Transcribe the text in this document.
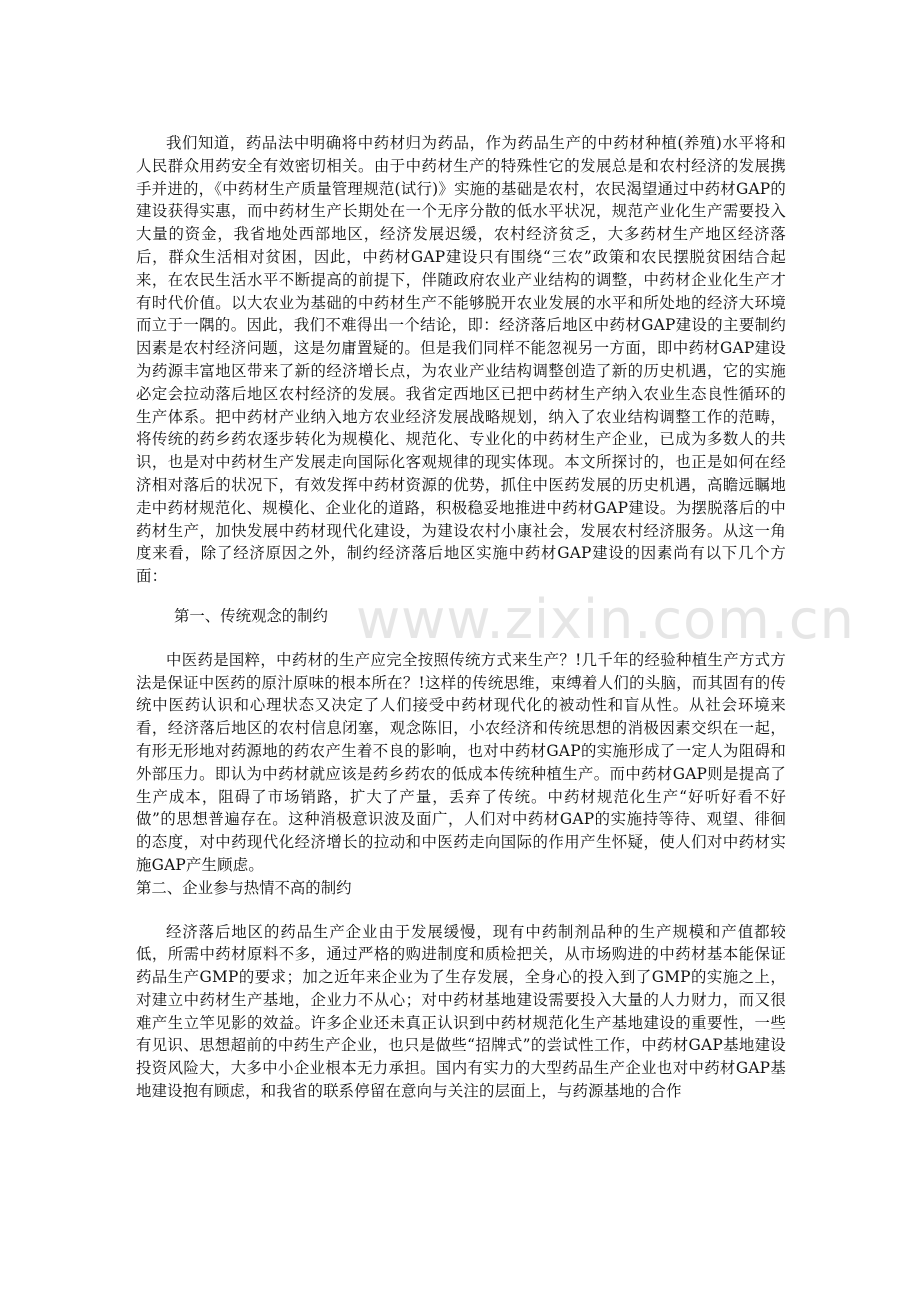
www.zixin.com.cn

我们知道，药品法中明确将中药材归为药品，作为药品生产的中药材种植(养殖)水平将和人民群众用药安全有效密切相关。由于中药材生产的特殊性它的发展总是和农村经济的发展携手并进的，《中药材生产质量管理规范(试行)》实施的基础是农村，农民渴望通过中药材GAP的建设获得实惠，而中药材生产长期处在一个无序分散的低水平状况，规范产业化生产需要投入大量的资金，我省地处西部地区，经济发展迟缓，农村经济贫乏，大多药材生产地区经济落后，群众生活相对贫困，因此，中药材GAP建设只有围绕“三农”政策和农民摆脱贫困结合起来，在农民生活水平不断提高的前提下，伴随政府农业产业结构的调整，中药材企业化生产才有时代价值。以大农业为基础的中药材生产不能够脱开农业发展的水平和所处地的经济大环境而立于一隅的。因此，我们不难得出一个结论，即：经济落后地区中药材GAP建设的主要制约因素是农村经济问题，这是勿庸置疑的。但是我们同样不能忽视另一方面，即中药材GAP建设为药源丰富地区带来了新的经济增长点，为农业产业结构调整创造了新的历史机遇，它的实施必定会拉动落后地区农村经济的发展。我省定西地区已把中药材生产纳入农业生态良性循环的生产体系。把中药材产业纳入地方农业经济发展战略规划，纳入了农业结构调整工作的范畴，将传统的药乡药农逐步转化为规模化、规范化、专业化的中药材生产企业，已成为多数人的共识，也是对中药材生产发展走向国际化客观规律的现实体现。本文所探讨的，也正是如何在经济相对落后的状况下，有效发挥中药材资源的优势，抓住中医药发展的历史机遇，高瞻远瞩地走中药材规范化、规模化、企业化的道路，积极稳妥地推进中药材GAP建设。为摆脱落后的中药材生产，加快发展中药材现代化建设，为建设农村小康社会，发展农村经济服务。从这一角度来看，除了经济原因之外，制约经济落后地区实施中药材GAP建设的因素尚有以下几个方面：

第一、传统观念的制约

中医药是国粹，中药材的生产应完全按照传统方式来生产？!几千年的经验种植生产方式方法是保证中医药的原汁原味的根本所在？!这样的传统思维，束缚着人们的头脑，而其固有的传统中医药认识和心理状态又决定了人们接受中药材现代化的被动性和盲从性。从社会环境来看，经济落后地区的农村信息闭塞，观念陈旧，小农经济和传统思想的消极因素交织在一起，有形无形地对药源地的药农产生着不良的影响，也对中药材GAP的实施形成了一定人为阻碍和外部压力。即认为中药材就应该是药乡药农的低成本传统种植生产。而中药材GAP则是提高了生产成本，阻碍了市场销路，扩大了产量，丢弃了传统。中药材规范化生产“好听好看不好做”的思想普遍存在。这种消极意识波及面广，人们对中药材GAP的实施持等待、观望、徘徊的态度，对中药现代化经济增长的拉动和中医药走向国际的作用产生怀疑，使人们对中药材实施GAP产生顾虑。

第二、企业参与热情不高的制约

经济落后地区的药品生产企业由于发展缓慢，现有中药制剂品种的生产规模和产值都较低，所需中药材原料不多，通过严格的购进制度和质检把关，从市场购进的中药材基本能保证药品生产GMP的要求；加之近年来企业为了生存发展，全身心的投入到了GMP的实施之上，对建立中药材生产基地，企业力不从心；对中药材基地建设需要投入大量的人力财力，而又很难产生立竿见影的效益。许多企业还未真正认识到中药材规范化生产基地建设的重要性，一些有见识、思想超前的中药生产企业，也只是做些“招牌式”的尝试性工作，中药材GAP基地建设投资风险大，大多中小企业根本无力承担。国内有实力的大型药品生产企业也对中药材GAP基地建设抱有顾虑，和我省的联系停留在意向与关注的层面上，与药源基地的合作
